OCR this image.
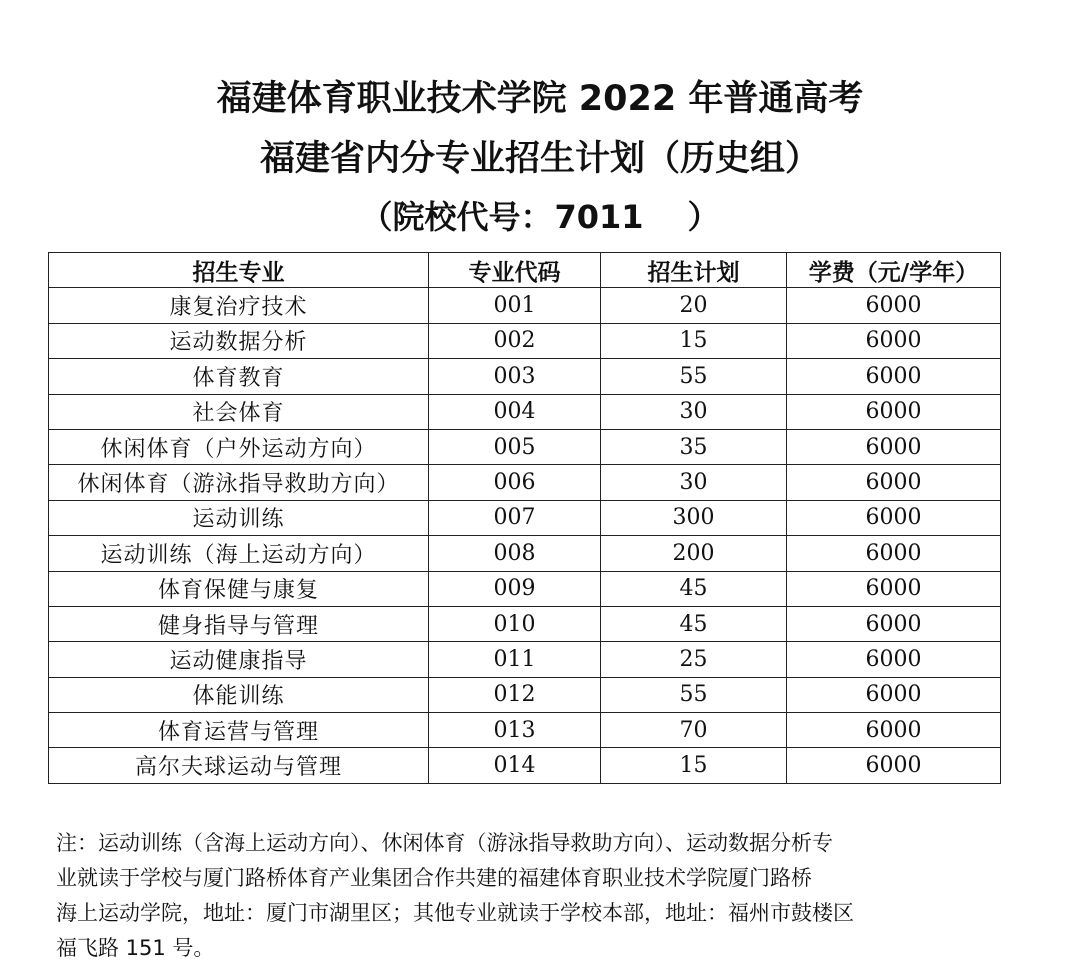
福建体育职业技术学院 2022 年普通高考
福建省内分专业招生计划（历史组）
（院校代号：7011 ）
招生专业	专业代码	招生计划	学费（元/学年）
康复治疗技术	001	20	6000
运动数据分析	002	15	6000
体育教育	003	55	6000
社会体育	004	30	6000
休闲体育（户外运动方向）	005	35	6000
休闲体育（游泳指导救助方向）	006	30	6000
运动训练	007	300	6000
运动训练（海上运动方向）	008	200	6000
体育保健与康复	009	45	6000
健身指导与管理	010	45	6000
运动健康指导	011	25	6000
体能训练	012	55	6000
体育运营与管理	013	70	6000
高尔夫球运动与管理	014	15	6000

注：运动训练（含海上运动方向）、休闲体育（游泳指导救助方向）、运动数据分析专

业就读于学校与厦门路桥体育产业集团合作共建的福建体育职业技术学院厦门路桥

海上运动学院，地址：厦门市湖里区；其他专业就读于学校本部，地址：福州市鼓楼区

福飞路 151 号。
